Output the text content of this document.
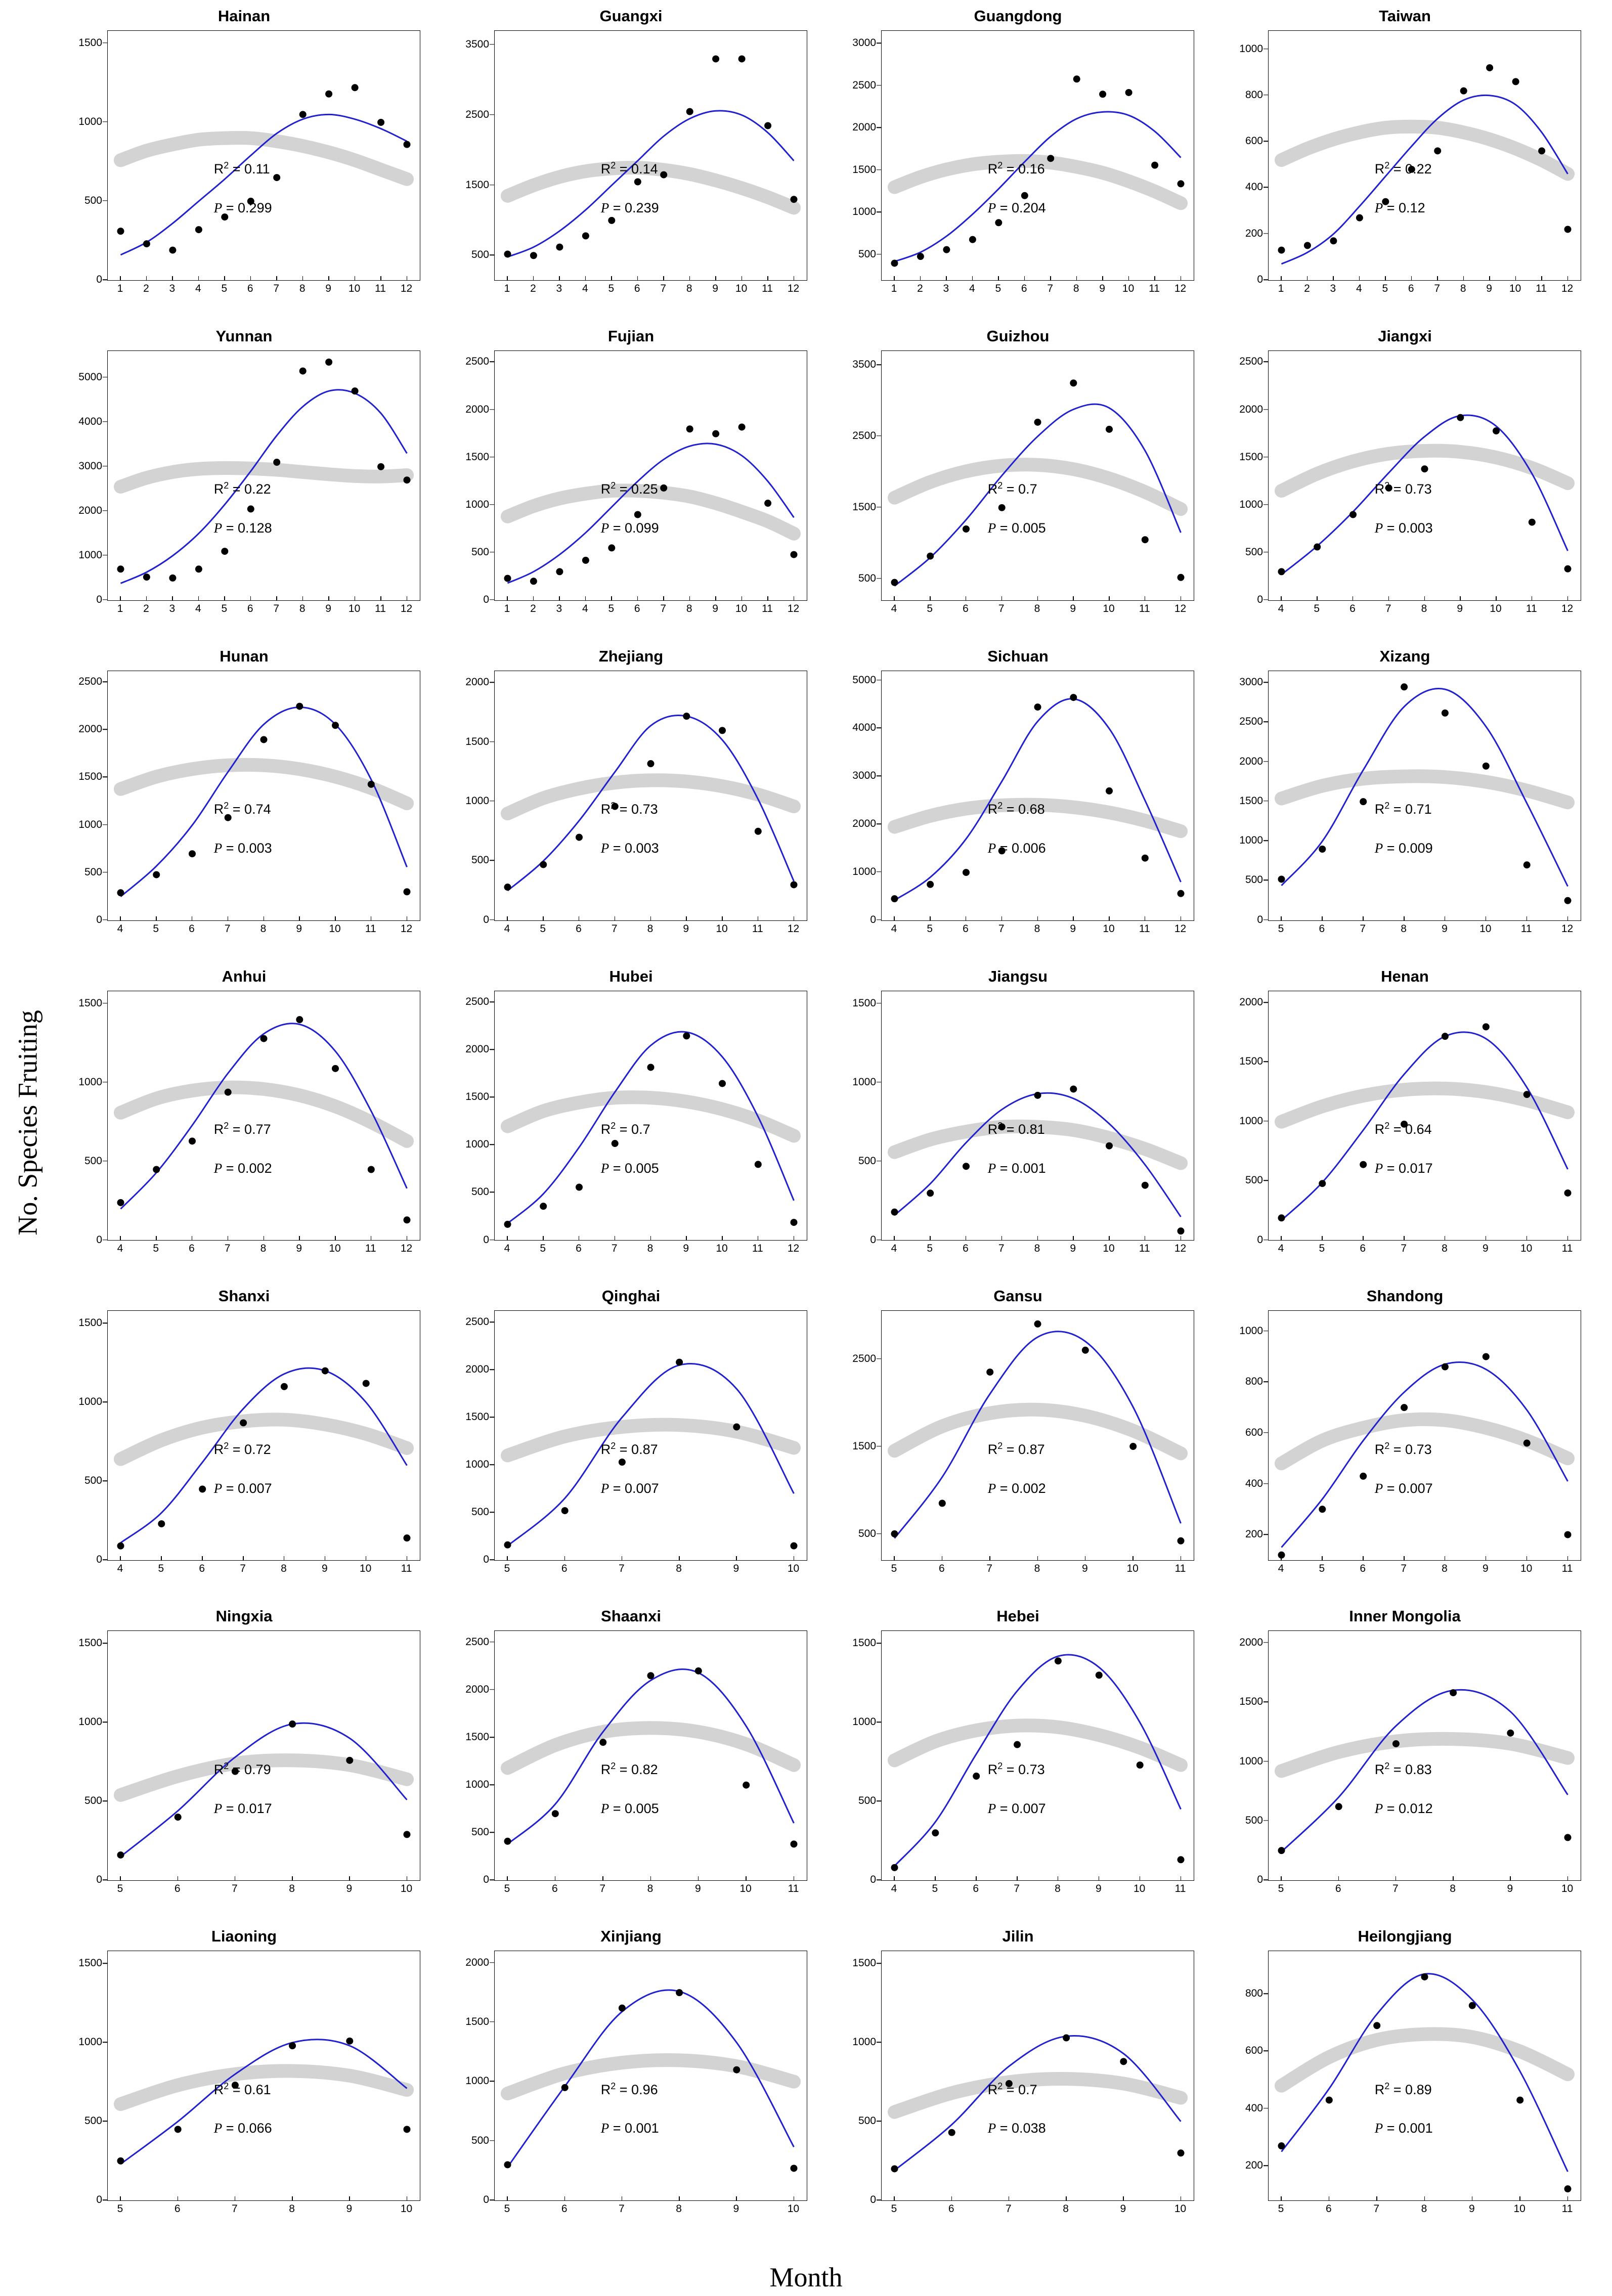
No. Species Fruiting
Hainan
$R^2 = 0.11$
P = 0.299
0
500
1000
1500
1 2 3 4 5 6 7 8 9 10 11 12
Guangxi
$R^2 = 0.14$
P = 0.239
500
1500
2500
3500
1 2 3 4 5 6 7 8 9 10 11 12
Guangdong
$R^2 = 0.16$
P = 0.204
500
1000
1500
2000
2500
3000
1 2 3 4 5 6 7 8 9 10 11 12
Taiwan
$R^2 = 0.22$
P = 0.12
0
200
400
600
800
1000
1 2 3 4 5 6 7 8 9 10 11 12
Yunnan
$R^2 = 0.22$
P = 0.128
0
1000
2000
3000
4000
5000
1 2 3 4 5 6 7 8 9 10 11 12
Fujian
$R^2 = 0.25$
P = 0.099
0
500
1000
1500
2000
2500
1 2 3 4 5 6 7 8 9 10 11 12
Guizhou
$R^2 = 0.7$
P = 0.005
500
1500
2500
3500
4	5	6	7	8	9	10 11 12
Jiangxi
$R^2 = 0.73$
P = 0.003
0
500
1000
1500
2000
2500
4	5	6	7	8	9	10 11 12
Hunan
$R^2 = 0.74$
P = 0.003
0
500
1000
1500
2000
2500
4	5	6	7	8	9	10 11 12
Zhejiang
$R^2 = 0.73$
P = 0.003
0
500
1000
1500
2000
4	5	6	7	8	9	10 11 12
Sichuan
$R^2 = 0.68$
P = 0.006
0
1000
2000
3000
4000
5000
4	5	6	7	8	9	10 11 12
Xizang
$R^2 = 0.71$
P = 0.009
0
500
1000
1500
2000
2500
3000
5	6	7	8	9	10	11	12
Anhui
$R^2 = 0.77$
P = 0.002
0
500
1000
1500
4	5	6	7	8	9	10 11 12
Hubei
$R^2 = 0.7$
P = 0.005
0
500
1000
1500
2000
2500
4	5	6	7	8	9	10 11 12
Jiangsu
$R^2 = 0.81$
P = 0.001
0
500
1000
1500
4	5	6	7	8	9	10 11 12
Henan
$R^2 = 0.64$
P = 0.017
0
500
1000
1500
2000
4	5	6	7	8	9	10	11
Shanxi
$R^2 = 0.72$
P = 0.007
0
500
1000
1500
4	5	6	7	8	9	10	11
Qinghai
$R^2 = 0.87$
P = 0.007
0
500
1000
1500
2000
2500
5	6	7	8	9	10
Gansu
$R^2 = 0.87$
P = 0.002
500
1500
2500
5	6	7	8	9	10	11
Shandong
$R^2 = 0.73$
P = 0.007
200
400
600
800
1000
4	5	6	7	8	9	10	11
Ningxia
$R^2 = 0.79$
P = 0.017
0
500
1000
1500
5	6	7	8	9	10
Shaanxi
$R^2 = 0.82$
P = 0.005
0
500
1000
1500
2000
2500
5	6	7	8	9	10	11
Hebei
$R^2 = 0.73$
P = 0.007
0
500
1000
1500
4	5	6	7	8	9	10	11
Inner Mongolia
$R^2 = 0.83$
P = 0.012
0
500
1000
1500
2000
5	6	7	8	9	10
Liaoning
$R^2 = 0.61$
P = 0.066
0
500
1000
1500
5	6	7	8	9	10
Xinjiang
$R^2 = 0.96$
P = 0.001
0
500
1000
1500
2000
5	6	7	8	9	10
Jilin
$R^2 = 0.7$
P = 0.038
0
500
1000
1500
5	6	7	8	9	10
Heilongjiang
$R^2 = 0.89$
P = 0.001
200
400
600
800
5	6	7	8	9	10	11
Month
